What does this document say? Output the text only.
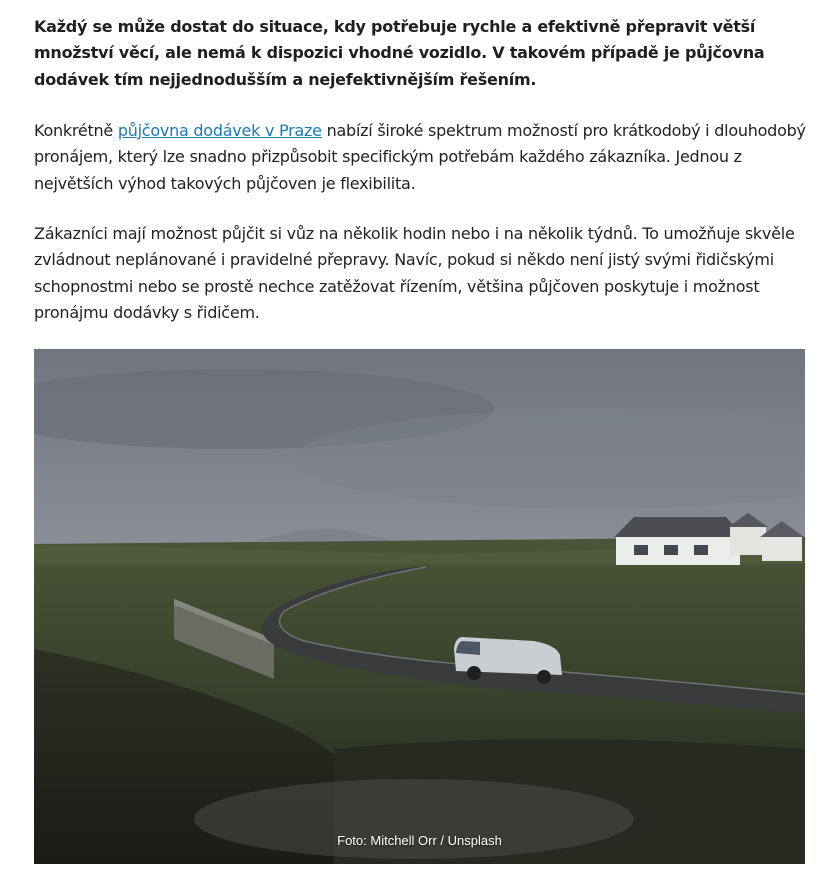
Každý se může dostat do situace, kdy potřebuje rychle a efektivně přepravit větší množství věcí, ale nemá k dispozici vhodné vozidlo. V takovém případě je půjčovna dodávek tím nejjednodušším a nejefektivnějším řešením.

Konkrétně půjčovna dodávek v Praze nabízí široké spektrum možností pro krátkodobý i dlouhodobý pronájem, který lze snadno přizpůsobit specifickým potřebám každého zákazníka. Jednou z největších výhod takových půjčoven je flexibilita.

Zákazníci mají možnost půjčit si vůz na několik hodin nebo i na několik týdnů. To umožňuje skvěle zvládnout neplánované i pravidelné přepravy. Navíc, pokud si někdo není jistý svými řidičskými schopnostmi nebo se prostě nechce zatěžovat řízením, většina půjčoven poskytuje i možnost pronájmu dodávky s řidičem.

Foto: Mitchell Orr / Unsplash
